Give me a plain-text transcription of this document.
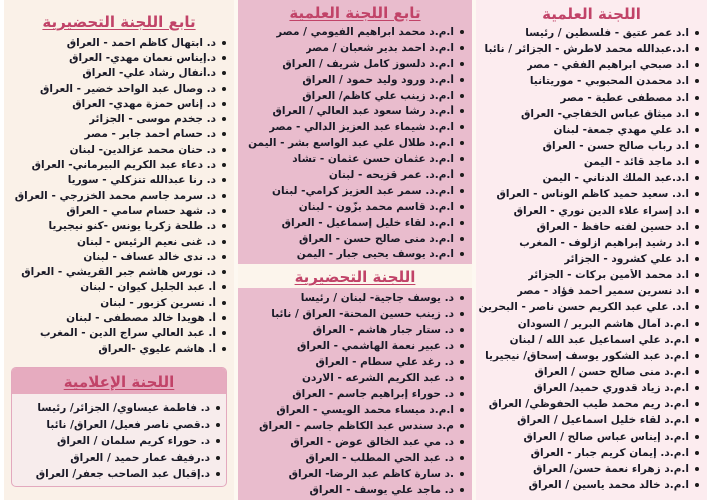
اللجنة العلمية
ا.د عمر عتيق - فلسطين / رئيسا
ا.د.عبدالله محمد لاطرش - الجزائر / نائبا
ا.د صبحي ابراهيم الفقي - مصر
ا.د محمدن المحبوبي - موريتانيا
ا.د مصطفى عطية - مصر
ا.د ميثاق عباس الخفاجي- العراق
ا.د علي مهدي جمعة- لبنان
ا.د رباب صالح حسن - العراق
ا.د ماجد قائد - اليمن
ا.د.عبد الملك الدناني - اليمن
ا.د. سعيد حميد كاظم الوناس - العراق
ا.د إسراء علاء الدين نوري - العراق
ا.د حسين لفته حافظ - العراق
ا.د رشيد إبراهيم ازلوف - المغرب
ا.د علي كشرود - الجزائر
ا.د محمد الأمين بركات - الجزائر
ا.د نسرين سمير أحمد فؤاد - مصر
ا.د. علي عبد الكريم حسن ناصر - البحرين
ا.م.د آمال هاشم البرير / السودان
ا.م.د علي اسماعيل عبد الله / لبنان
ا.م.د عبد الشكور يوسف إسحاق/ نيجيريا
ا.م.د منى صالح حسن / العراق
ا.م.د زياد قدوري حميد/ العراق
ا.م.د ريم محمد طيب الحفوظي/ العراق
ا.م.د لقاء خليل اسماعيل / العراق
ا.م.د إيناس عباس صالح / العراق
ا.م.د. إيمان كريم جبار - العراق
ا.م.د زهراء نعمة حسن/ العراق
ا.م.د خالد محمد ياسين / العراق
تابع اللجنة العلمية
ا.م.د محمد ابراهيم الفيومي / مصر
ا.م.د احمد بدير شعبان / مصر
ا.م.د دلسوز كامل شريف / العراق
أ.م.د ورود وليد حمود / العراق
ا.م.د زينب علي كاظم/ العراق
أ.م.د رشا سعود عبد العالي / العراق
ا.م.د شيماء عبد العزيز الدالي - مصر
ا.م.د طلال علي عبد الواسع بشر - اليمن
ا.م.د عثمان حسن عثمان - تشاد
أ.م.د. عمر قزيحه - لبنان
ا.م.د. سمر عبد العزيز كرامي- لبنان
ا.م.د قاسم محمد بزّون - لبنان
ا.م.د لقاء خليل إسماعيل - العراق
ا.م.د منى صالح حسن - العراق
ا.م.د يوسف يحيى جبار - اليمن
اللجنة التحضيرية
د. يوسف جاجية- لبنان / رئيسا
د. زينب حسين المحنة- العراق / نائبا
د. ستار جبار هاشم - العراق
د. عبير نعمة الهاشمي - العراق
د. رغد علي سطام - العراق
د. عبد الكريم الشرعه - الاردن
د. حوراء إبراهيم جاسم - العراق
ا.م.د ميساء محمد الويسي - العراق
م.د سندس عبد الكاظم جاسم - العراق
د. مي عبد الخالق عوض - العراق
د. عبد الحي المطلب - العراق
.د سارة كاظم عبد الرضا- العراق
د. ماجد علي يوسف - العراق
تابع اللجنة التحضيرية
د. ابتهال كاظم احمد - العراق
د.إيناس نعمان مهدي- العراق
د.أنفال رشاد علي- العراق
د. وصال عبد الواحد خضير - العراق
د. إناس حمزة مهدي- العراق
د. جخدم موسى - الجزائر
د. حسام أحمد جابر - مصر
د. حنان محمد عزالدين- لبنان
د. دعاء عبد الكريم البيرماني- العراق
د. رنا عبدالله تنزكلي - سوريا
د. سرمد جاسم محمد الخزرجي - العراق
د. شهد حسام سامي - العراق
د. طلحة زكريا يونس -كنو نيجيريا
د. غنى نعيم الرئيس - لبنان
د. ندى خالد عساف - لبنان
د. نورس هاشم جبر القريشي - العراق
أ. عبد الجليل كيوان - لبنان
أ. نسرين كزبور - لبنان
أ. هويدا خالد مصطفى - لبنان
أ. عبد العالي سراج الدين - المغرب
أ. هاشم عليوي -العراق
اللجنة الإعلامية
د. فاطمة عيساوي/ الجزائر/ رئيسا
د.قصي ناصر فعيل/ العراق/ نائبا
د. حوراء كريم سلمان / العراق
د.رفيف عمار حميد / العراق
د.إقبال عبد الصاحب جعفر/ العراق
